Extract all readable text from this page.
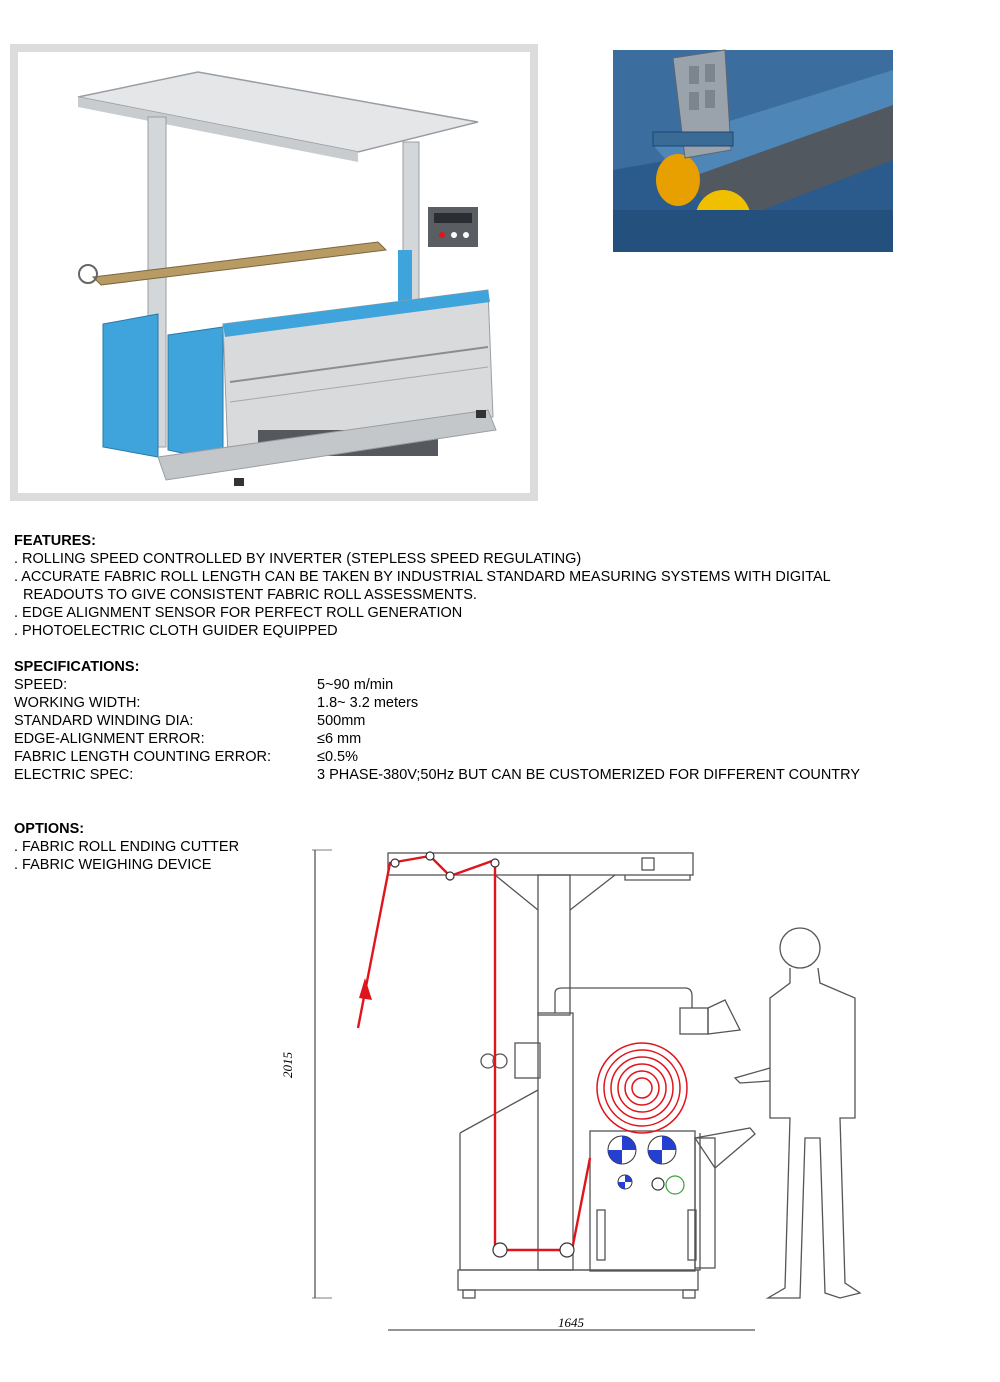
FEATURES:
. ROLLING SPEED CONTROLLED BY INVERTER (STEPLESS SPEED REGULATING)
. ACCURATE FABRIC ROLL LENGTH CAN BE TAKEN BY INDUSTRIAL STANDARD MEASURING SYSTEMS WITH DIGITAL
READOUTS TO GIVE CONSISTENT FABRIC ROLL ASSESSMENTS.
. EDGE ALIGNMENT SENSOR FOR PERFECT ROLL GENERATION
. PHOTOELECTRIC CLOTH GUIDER EQUIPPED
SPECIFICATIONS:
SPEED:	5~90 m/min
WORKING WIDTH:	1.8~ 3.2 meters
STANDARD WINDING DIA:	500mm
EDGE-ALIGNMENT ERROR:	≤6 mm
FABRIC LENGTH COUNTING ERROR:	≤0.5%
ELECTRIC SPEC:	3 PHASE-380V;50Hz BUT CAN BE CUSTOMERIZED FOR DIFFERENT COUNTRY
OPTIONS:
. FABRIC ROLL ENDING CUTTER
. FABRIC WEIGHING DEVICE
2015
1645
